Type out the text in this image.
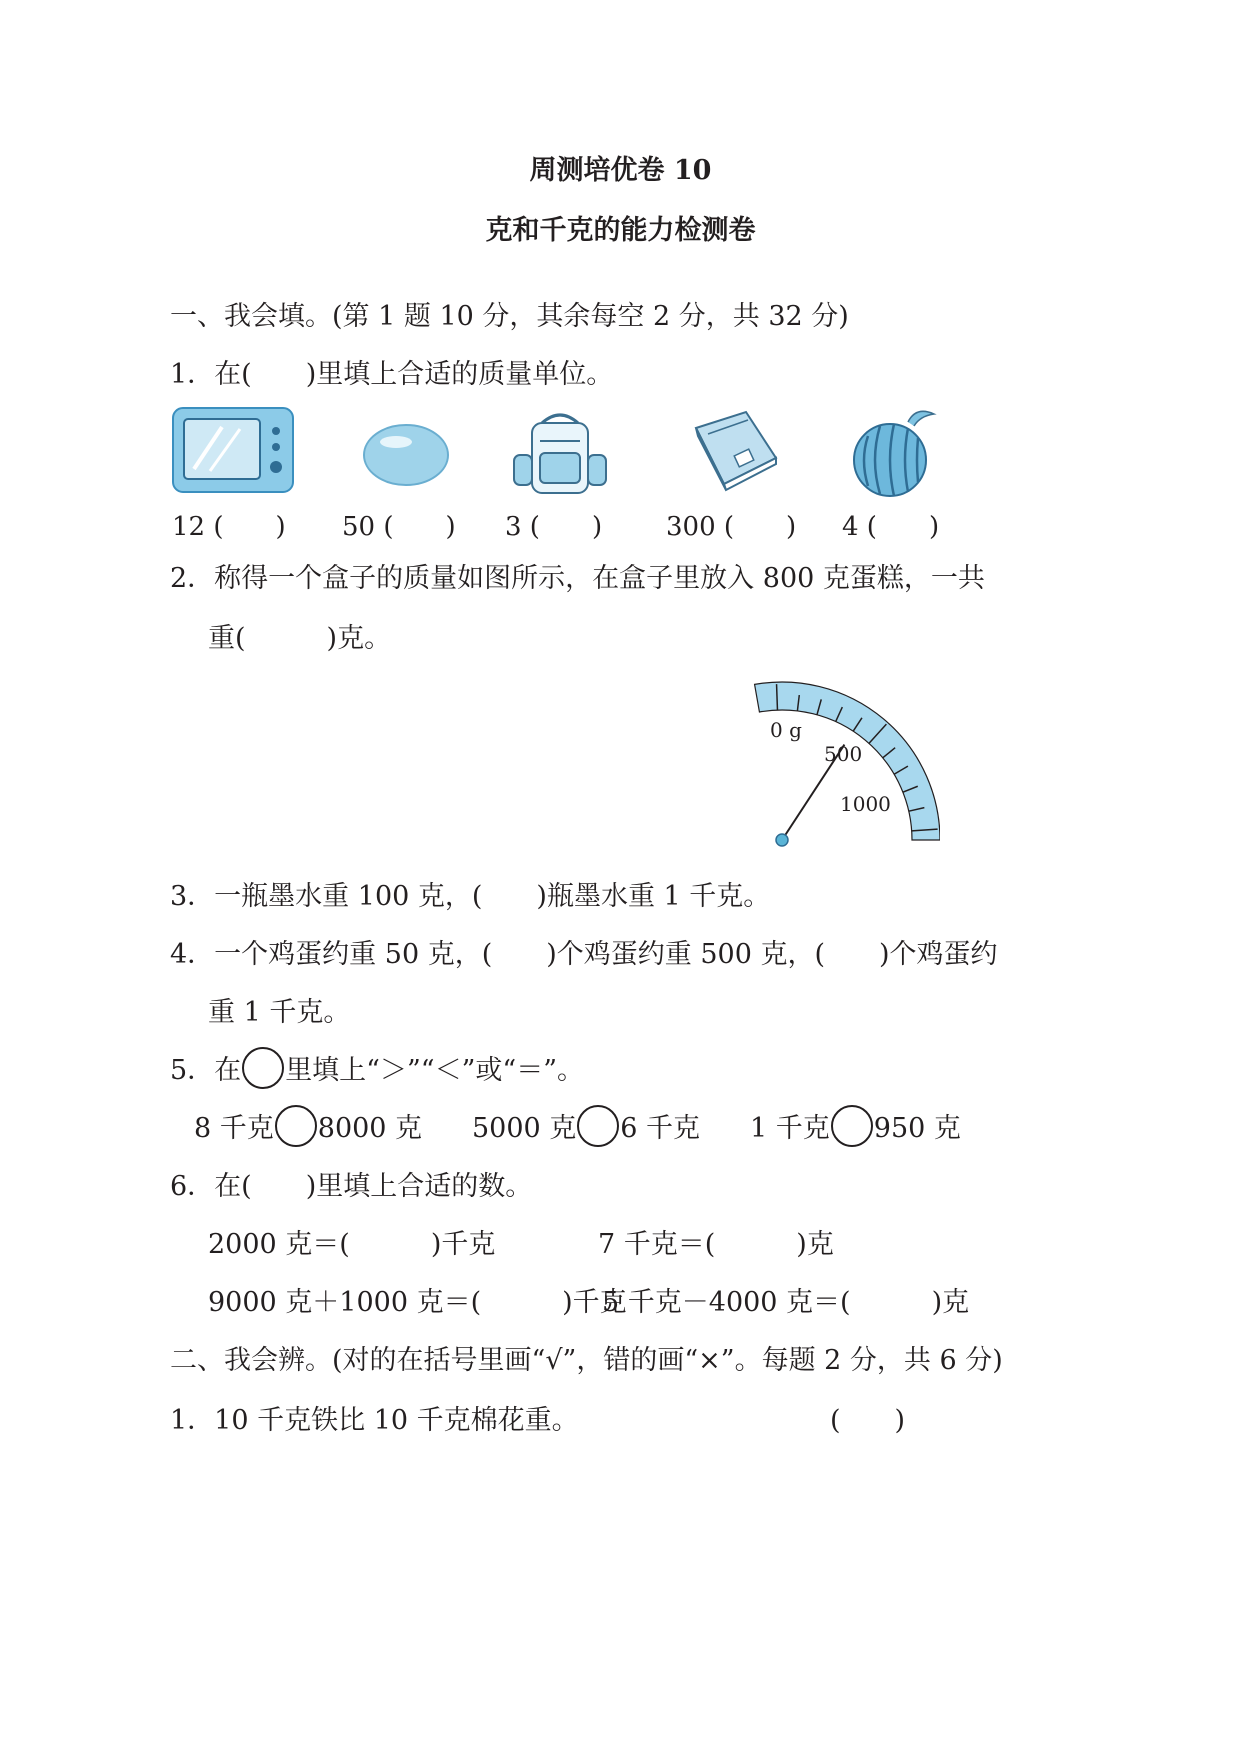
周测培优卷 10
克和千克的能力检测卷
一、我会填。(第 1 题 10 分，其余每空 2 分，共 32 分)
1．在(　　)里填上合适的质量单位。
12 (　　) 50 (　　) 3 (　　) 300 (　　) 4 (　　)
2．称得一个盒子的质量如图所示，在盒子里放入 800 克蛋糕，一共
重(　　　)克。
0 g
500
1000
3．一瓶墨水重 100 克，(　　)瓶墨水重 1 千克。
4．一个鸡蛋约重 50 克，(　　)个鸡蛋约重 500 克，(　　)个鸡蛋约
重 1 千克。
5．在 里填上“＞”“＜”或“＝”。
8 千克 8000 克 5000 克 6 千克 1 千克 950 克
6．在(　　)里填上合适的数。
2000 克＝(　　　)千克	7 千克＝(　　　)克
9000 克＋1000 克＝(　　　)千克
5 千克－4000 克＝(　　　)克
二、我会辨。(对的在括号里画“√”，错的画“×”。每题 2 分，共 6 分)
1．10 千克铁比 10 千克棉花重。	(　　)
